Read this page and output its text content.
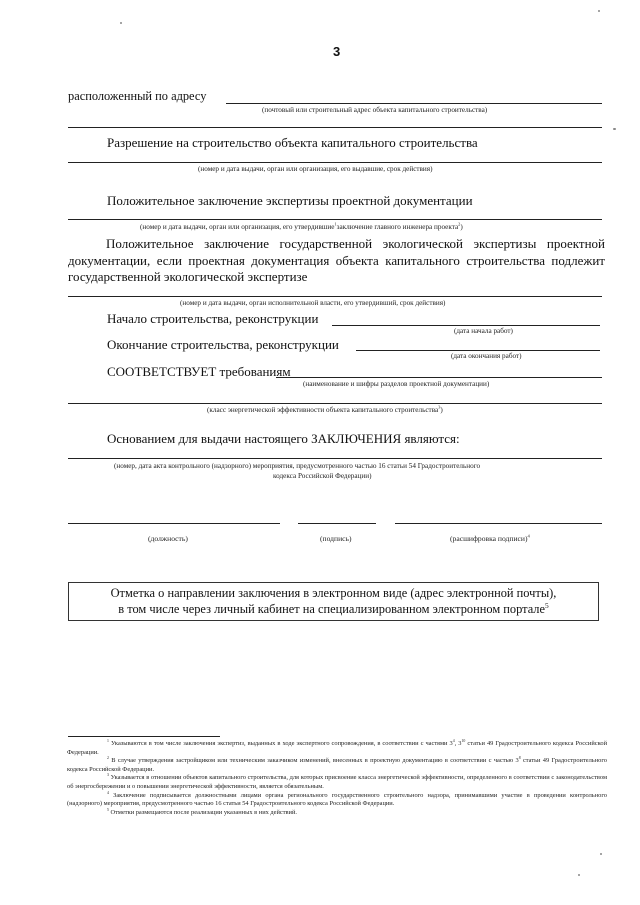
3
расположенный по адресу
(почтовый или строительный адрес объекта капитального строительства)
Разрешение на строительство объекта капитального строительства
(номер и дата выдачи, орган или организация, его выдавшие, срок действия)
Положительное заключение экспертизы проектной документации
(номер и дата выдачи, орган или организация, его утвердившие$^1$заключение главного инженера проекта$^2$)
Положительное заключение государственной экологической экспертизы проектной документации, если проектная документация объекта капитального строительства подлежит государственной экологической экспертизе
(номер и дата выдачи, орган исполнительной власти, его утвердивший, срок действия)
Начало строительства, реконструкции
(дата начала работ)
Окончание строительства, реконструкции
(дата окончания работ)
СООТВЕТСТВУЕТ требованиям
(наименование и шифры разделов проектной документации)
(класс энергетической эффективности объекта капитального строительства$^3$)
Основанием для выдачи настоящего ЗАКЛЮЧЕНИЯ являются:
(номер, дата акта контрольного (надзорного) мероприятия, предусмотренного частью 16 статьи 54 Градостроительного
кодекса Российской Федерации)
(должность)	(подпись)	(расшифровка подписи)$^4$
Отметка о направлении заключения в электронном виде (адрес электронной почты),
в том числе через личный кабинет на специализированном электронном портале$^5$

$^1$ Указываются в том числе заключения экспертиз, выданных в ходе экспертного сопровождения, в соответствии с частями $3^4$, $3^{10}$ статьи 49 Градостроительного кодекса Российской Федерации.

$^2$ В случае утверждения застройщиком или техническим заказчиком изменений, внесенных в проектную документацию в соответствии с частью $3^8$ статьи 49 Градостроительного кодекса Российской Федерации.

$^3$ Указывается в отношении объектов капитального строительства, для которых присвоение класса энергетической эффективности, определенного в соответствии с законодательством об энергосбережении и о повышении энергетической эффективности, является обязательным.

$^4$ Заключение подписывается должностными лицами органа регионального государственного строительного надзора, принимавшими участие в проведении контрольного (надзорного) мероприятия, предусмотренного частью 16 статьи 54 Градостроительного кодекса Российской Федерации.

$^5$ Отметки размещаются после реализации указанных в них действий.
